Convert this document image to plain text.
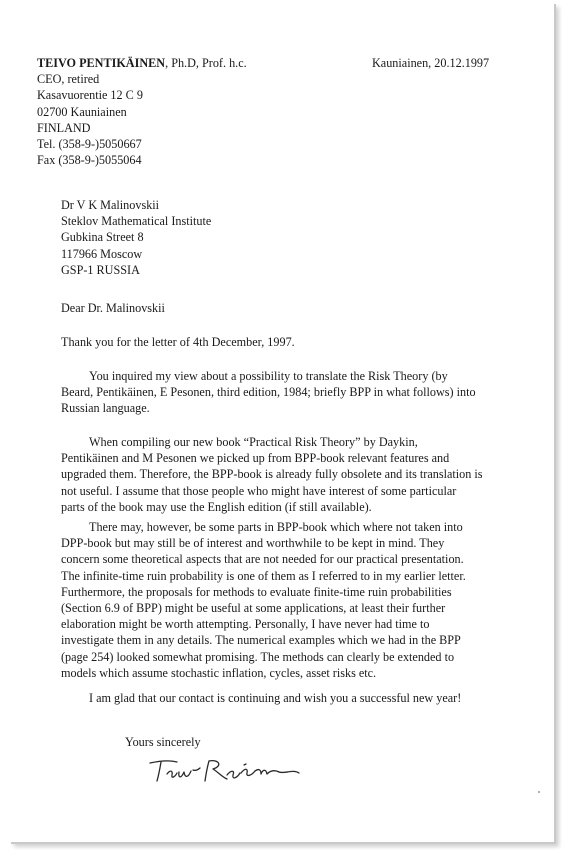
TEIVO PENTIKÄINEN, Ph.D, Prof. h.c.
CEO, retired
Kasavuorentie 12 C 9
02700 Kauniainen
FINLAND
Tel. (358-9-)5050667
Fax (358-9-)5055064
Kauniainen, 20.12.1997
Dr V K Malinovskii
Steklov Mathematical Institute
Gubkina Street 8
117966 Moscow
GSP-1 RUSSIA
Dear Dr. Malinovskii
Thank you for the letter of 4th December, 1997.
You inquired my view about a possibility to translate the Risk Theory (by
Beard, Pentikäinen, E Pesonen, third edition, 1984; briefly BPP in what follows) into
Russian language.
When compiling our new book “Practical Risk Theory” by Daykin,
Pentikäinen and M Pesonen we picked up from BPP-book relevant features and
upgraded them. Therefore, the BPP-book is already fully obsolete and its translation is
not useful. I assume that those people who might have interest of some particular
parts of the book may use the English edition (if still available).
There may, however, be some parts in BPP-book which where not taken into
DPP-book but may still be of interest and worthwhile to be kept in mind. They
concern some theoretical aspects that are not needed for our practical presentation.
The infinite-time ruin probability is one of them as I referred to in my earlier letter.
Furthermore, the proposals for methods to evaluate finite-time ruin probabilities
(Section 6.9 of BPP) might be useful at some applications, at least their further
elaboration might be worth attempting. Personally, I have never had time to
investigate them in any details. The numerical examples which we had in the BPP
(page 254) looked somewhat promising. The methods can clearly be extended to
models which assume stochastic inflation, cycles, asset risks etc.
I am glad that our contact is continuing and wish you a successful new year!
Yours sincerely
